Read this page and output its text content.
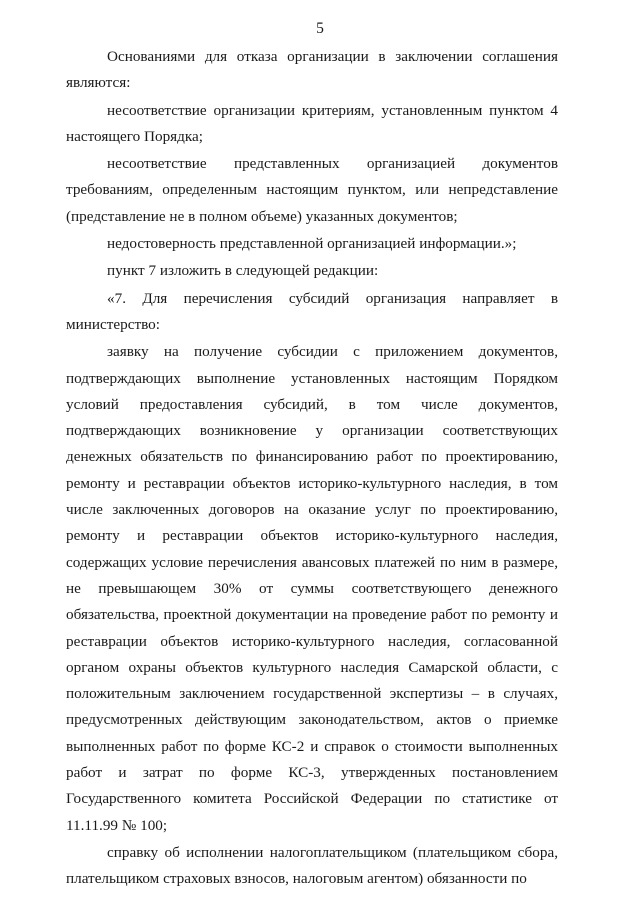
5

Основаниями для отказа организации в заключении соглашения являются:

несоответствие организации критериям, установленным пунктом 4 настоящего Порядка;

несоответствие представленных организацией документов требованиям, определенным настоящим пунктом, или непредставление (представление не в полном объеме) указанных документов;

недостоверность представленной организацией информации.»;

пункт 7 изложить в следующей редакции:

«7. Для перечисления субсидий организация направляет в министерство:

заявку на получение субсидии с приложением документов, подтверждающих выполнение установленных настоящим Порядком условий предоставления субсидий, в том числе документов, подтверждающих возникновение у организации соответствующих денежных обязательств по финансированию работ по проектированию, ремонту и реставрации объектов историко-культурного наследия, в том числе заключенных договоров на оказание услуг по проектированию, ремонту и реставрации объектов историко-культурного наследия, содержащих условие перечисления авансовых платежей по ним в размере, не превышающем 30% от суммы соответствующего денежного обязательства, проектной документации на проведение работ по ремонту и реставрации объектов историко-культурного наследия, согласованной органом охраны объектов культурного наследия Самарской области, с положительным заключением государственной экспертизы – в случаях, предусмотренных действующим законодательством, актов о приемке выполненных работ по форме КС-2 и справок о стоимости выполненных работ и затрат по форме КС-3, утвержденных постановлением Государственного комитета Российской Федерации по статистике от 11.11.99 № 100;

справку об исполнении налогоплательщиком (плательщиком сбора, плательщиком страховых взносов, налоговым агентом) обязанности по
